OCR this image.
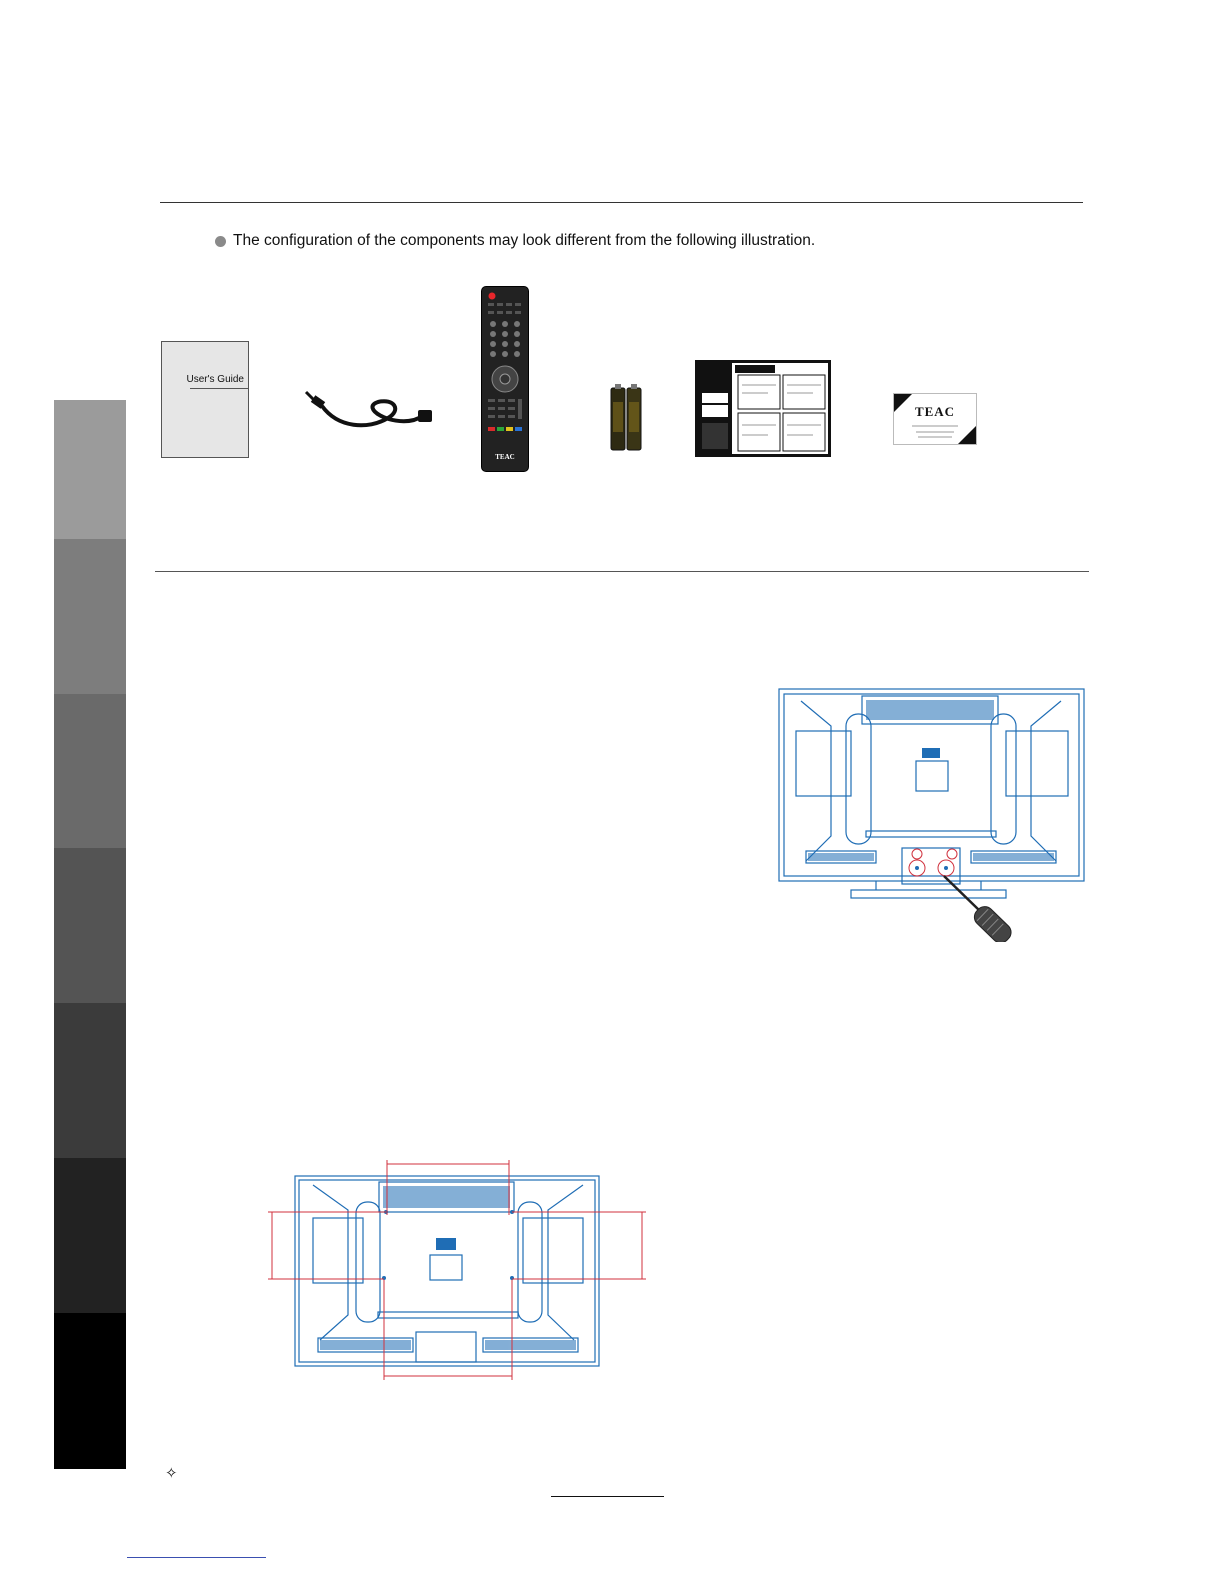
The configuration of the components may look different from the following illustration.
User's Guide
TEAC
TEAC
✧
